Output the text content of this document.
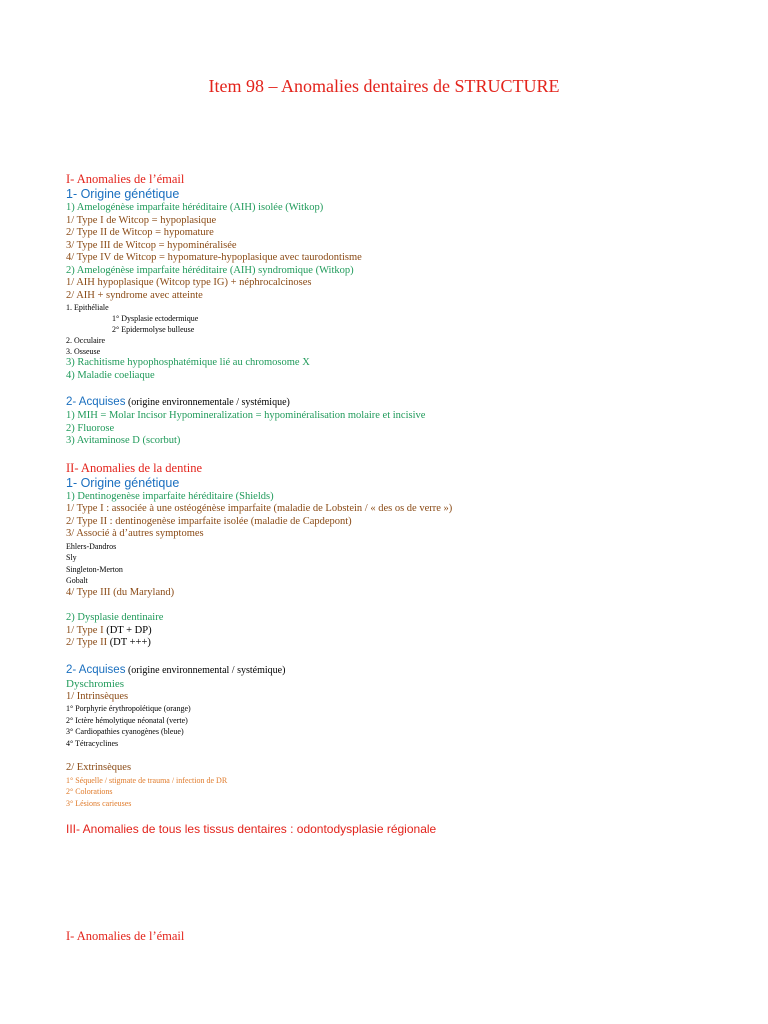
Item 98 – Anomalies dentaires de STRUCTURE
I- Anomalies de l’émail
1- Origine génétique
1) Amelogénèse imparfaite héréditaire (AIH) isolée (Witkop)
1/ Type I de Witcop = hypoplasique
2/ Type II de Witcop = hypomature
3/ Type III de Witcop = hypominéralisée
4/ Type IV de Witcop = hypomature-hypoplasique avec taurodontisme
2) Amelogénèse imparfaite héréditaire (AIH) syndromique (Witkop)
1/ AIH hypoplasique (Witcop type IG) + néphrocalcinoses
2/ AIH + syndrome avec atteinte
1. Epithéliale
1° Dysplasie ectodermique
2° Epidermolyse bulleuse
2. Occulaire
3. Osseuse
3) Rachitisme hypophosphatémique lié au chromosome X
4) Maladie coeliaque
2- Acquises (origine environnementale / systémique)
1) MIH = Molar Incisor Hypomineralization = hypominéralisation molaire et incisive
2) Fluorose
3) Avitaminose D (scorbut)
II- Anomalies de la dentine
1- Origine génétique
1) Dentinogenèse imparfaite héréditaire (Shields)
1/ Type I : associée à une ostéogénèse imparfaite (maladie de Lobstein / « des os de verre »)
2/ Type II : dentinogenèse imparfaite isolée (maladie de Capdepont)
3/ Associé à d’autres symptomes
Ehlers-Dandros
Sly
Singleton-Merton
Gobalt
4/ Type III (du Maryland)
2) Dysplasie dentinaire
1/ Type I (DT + DP)
2/ Type II (DT +++)
2- Acquises (origine environnemental / systémique)
Dyschromies
1/ Intrinsèques
1° Porphyrie érythropoïétique (orange)
2° Ictère hémolytique néonatal (verte)
3° Cardiopathies cyanogènes (bleue)
4° Tétracyclines
2/ Extrinsèques
1° Séquelle / stigmate de trauma / infection de DR
2° Colorations
3° Lésions carieuses
III- Anomalies de tous les tissus dentaires : odontodysplasie régionale
I- Anomalies de l’émail
